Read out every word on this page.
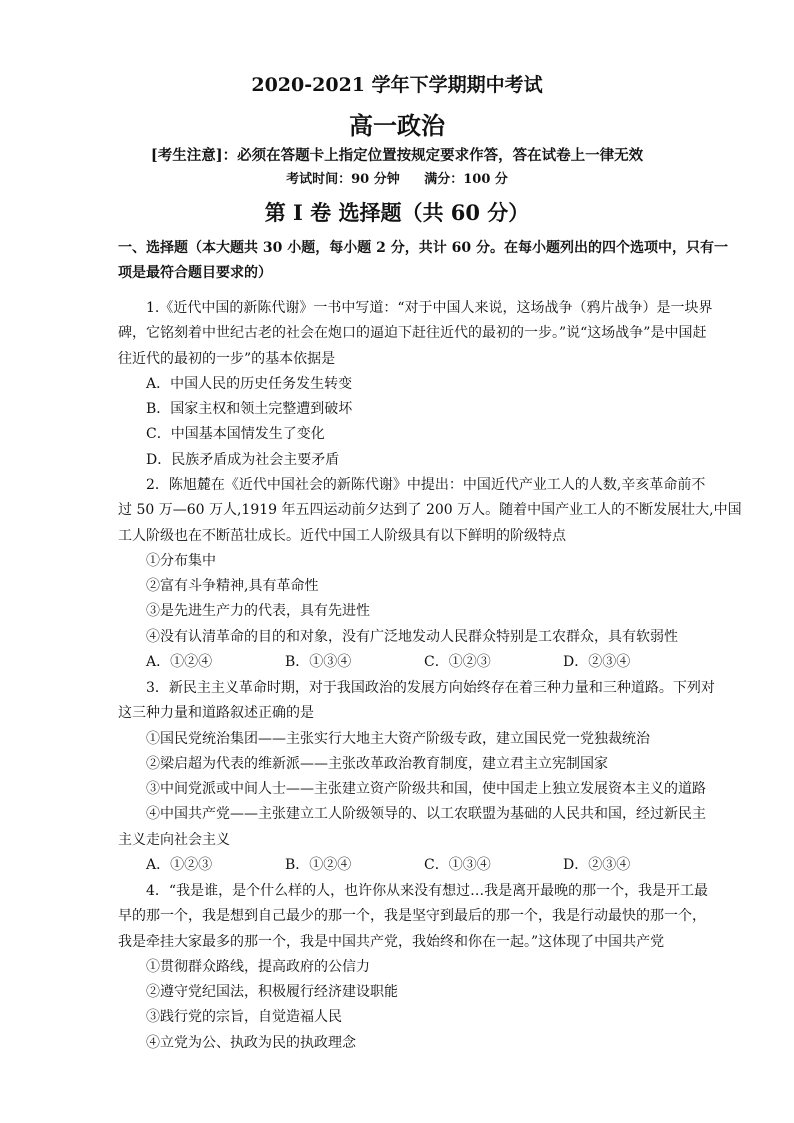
2020-2021 学年下学期期中考试
高一政治
[考生注意]：必须在答题卡上指定位置按规定要求作答，答在试卷上一律无效
考试时间：90 分钟 满分：100 分
第 I 卷 选择题（共 60 分）
一、选择题（本大题共 30 小题，每小题 2 分，共计 60 分。在每小题列出的四个选项中，只有一
项是最符合题目要求的）
1.《近代中国的新陈代谢》一书中写道：“对于中国人来说，这场战争（鸦片战争）是一块界
碑，它铭刻着中世纪古老的社会在炮口的逼迫下赶往近代的最初的一步。”说“这场战争”是中国赶
往近代的最初的一步”的基本依据是
A．中国人民的历史任务发生转变
B．国家主权和领土完整遭到破坏
C．中国基本国情发生了变化
D．民族矛盾成为社会主要矛盾
2．陈旭麓在《近代中国社会的新陈代谢》中提出：中国近代产业工人的人数,辛亥革命前不
过 50 万—60 万人,1919 年五四运动前夕达到了 200 万人。随着中国产业工人的不断发展壮大,中国
工人阶级也在不断茁壮成长。近代中国工人阶级具有以下鲜明的阶级特点
①分布集中
②富有斗争精神,具有革命性
③是先进生产力的代表，具有先进性
④没有认清革命的目的和对象，没有广泛地发动人民群众特别是工农群众，具有软弱性
A．①②④	B．①③④	C．①②③	D．②③④
3．新民主主义革命时期，对于我国政治的发展方向始终存在着三种力量和三种道路。下列对
这三种力量和道路叙述正确的是
①国民党统治集团——主张实行大地主大资产阶级专政，建立国民党一党独裁统治
②梁启超为代表的维新派——主张改革政治教育制度，建立君主立宪制国家
③中间党派或中间人士——主张建立资产阶级共和国，使中国走上独立发展资本主义的道路
④中国共产党——主张建立工人阶级领导的、以工农联盟为基础的人民共和国，经过新民主
主义走向社会主义
A．①②③	B．①②④	C．①③④	D．②③④
4．“我是谁，是个什么样的人，也许你从来没有想过…我是离开最晚的那一个，我是开工最
早的那一个，我是想到自己最少的那一个，我是坚守到最后的那一个，我是行动最快的那一个，
我是牵挂大家最多的那一个，我是中国共产党，我始终和你在一起。”这体现了中国共产党
①贯彻群众路线，提高政府的公信力
②遵守党纪国法，积极履行经济建设职能
③践行党的宗旨，自觉造福人民
④立党为公、执政为民的执政理念
